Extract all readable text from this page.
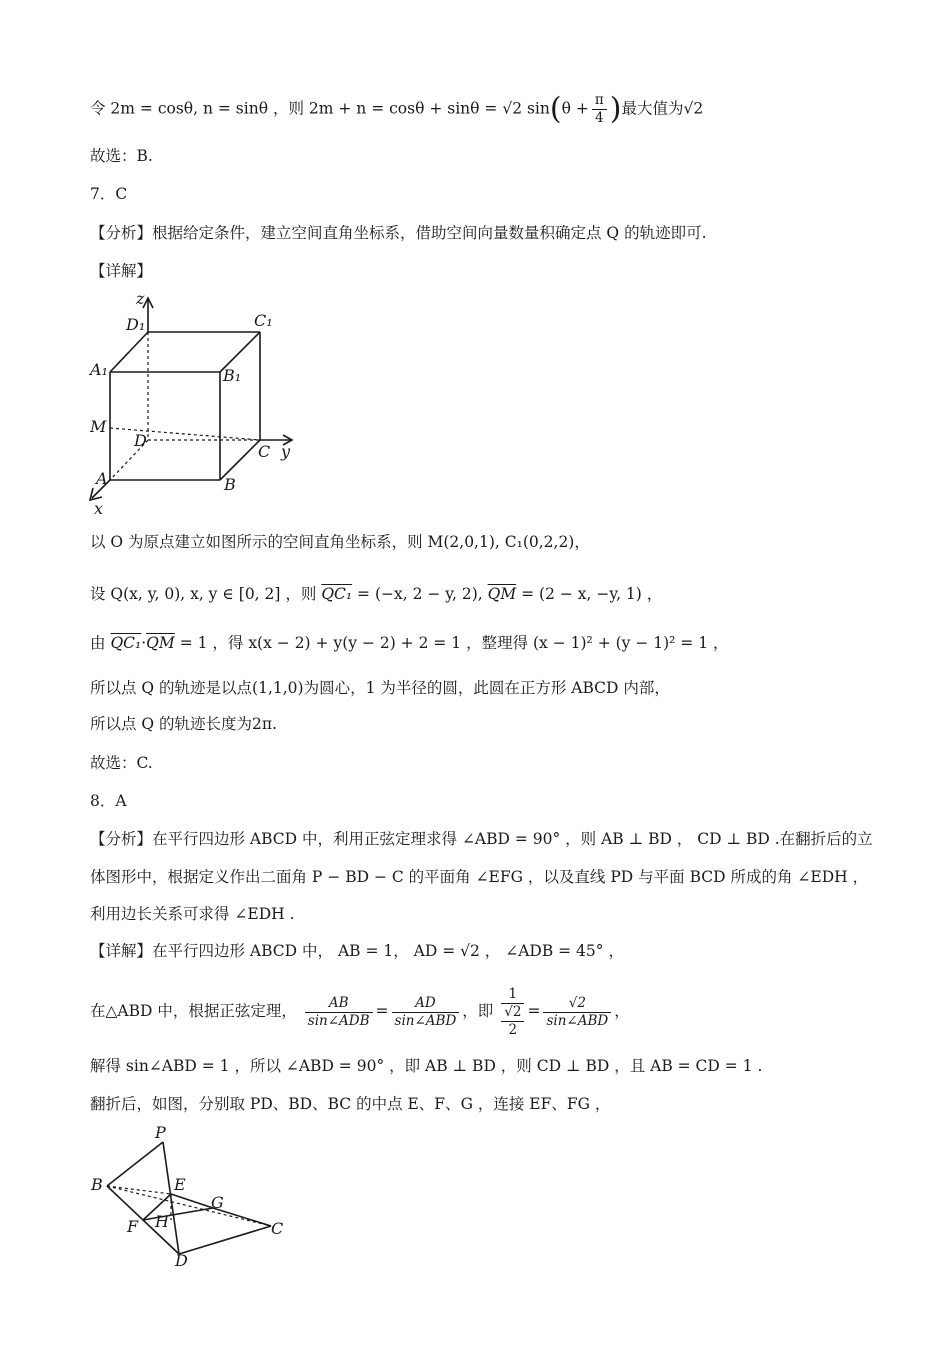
令 2m = cosθ, n = sinθ ，则 2m + n = cosθ + sinθ = √2 $\sin(\theta + \frac{\pi}{4}$ )最大值为√2
故选：B.
7．C
【分析】根据给定条件，建立空间直角坐标系，借助空间向量数量积确定点 Q 的轨迹即可.
【详解】
z
D₁	C₁
A₁	B₁
M
D
C y
A	B
x
以 O 为原点建立如图所示的空间直角坐标系，则 M(2,0,1), C₁(0,2,2)，
设 Q(x, y, 0), x, y ∈ [0, 2] ，则 QC₁ = (−x, 2 − y, 2), $\overline{QM} = (2 - x$, −y, 1) ，
由 $QC_1\cdot\overline{QM} = 1$ ，得 x(x − 2) + y(y − 2) + 2 = 1 ，整理得 (x − 1)² + (y − 1)² = 1 ，
所以点 Q 的轨迹是以点(1,1,0)为圆心，1 为半径的圆，此圆在正方形 ABCD 内部，
所以点 Q 的轨迹长度为2π.
故选：C.
8．A
【分析】在平行四边形 ABCD 中，利用正弦定理求得 ∠ABD = 90° ，则 AB ⊥ BD ， CD ⊥ BD .在翻折后的立
体图形中，根据定义作出二面角 P − BD − C 的平面角 ∠EFG ，以及直线 PD 与平面 BCD 所成的角 ∠EDH ，
利用边长关系可求得 ∠EDH .
【详解】在平行四边形 ABCD 中， AB = 1， AD = √2 ， ∠ADB = 45° ，
在△ABD 中，根据正弦定理， $\frac{AB}{\text{sin∠ADB}} = \frac{AD}{\text{sin∠ABD}}$ ，即
1
√2
2
= $\frac{√2}{\text{sin∠ABD}}$ ，
解得 sin∠ABD = 1 ，所以 ∠ABD = 90° ，即 AB ⊥ BD ，则 CD ⊥ BD ，且 AB = CD = 1 .
翻折后，如图，分别取 PD、BD、BC 的中点 E、F、G ，连接 EF、FG ，
P
B	E
G
F H	C
D
